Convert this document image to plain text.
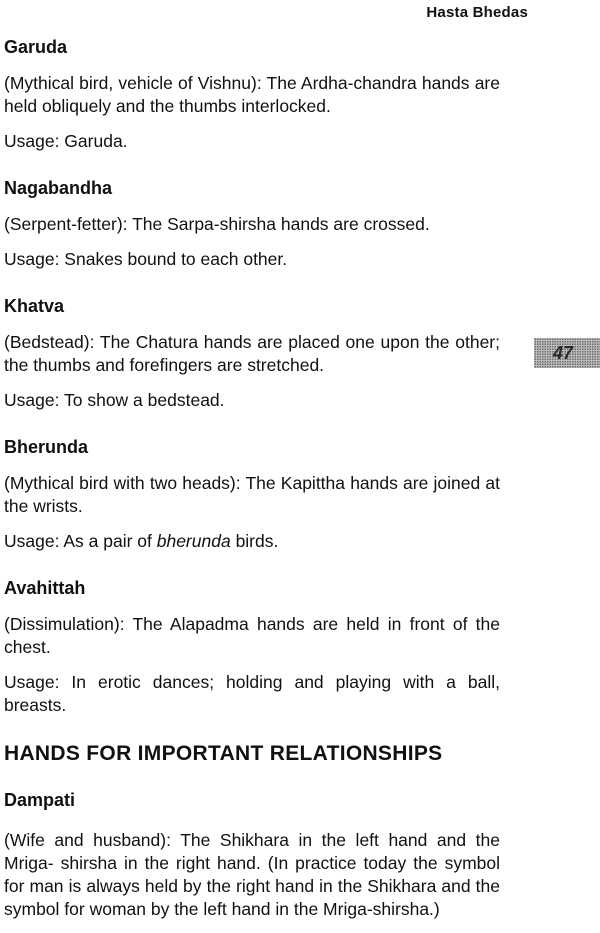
Hasta Bhedas
47
Garuda

(Mythical bird, vehicle of Vishnu): The Ardha-chandra hands are held obliquely and the thumbs interlocked.

Usage: Garuda.

Nagabandha

(Serpent-fetter): The Sarpa-shirsha hands are crossed.

Usage: Snakes bound to each other.

Khatva

(Bedstead): The Chatura hands are placed one upon the other; the thumbs and forefingers are stretched.

Usage: To show a bedstead.

Bherunda

(Mythical bird with two heads): The Kapittha hands are joined at the wrists.

Usage: As a pair of bherunda birds.

Avahittah

(Dissimulation): The Alapadma hands are held in front of the chest.

Usage: In erotic dances; holding and playing with a ball, breasts.

HANDS FOR IMPORTANT RELATIONSHIPS
Dampati

(Wife and husband): The Shikhara in the left hand and the Mriga- shirsha in the right hand. (In practice today the symbol for man is always held by the right hand in the Shikhara and the symbol for woman by the left hand in the Mriga-shirsha.)
